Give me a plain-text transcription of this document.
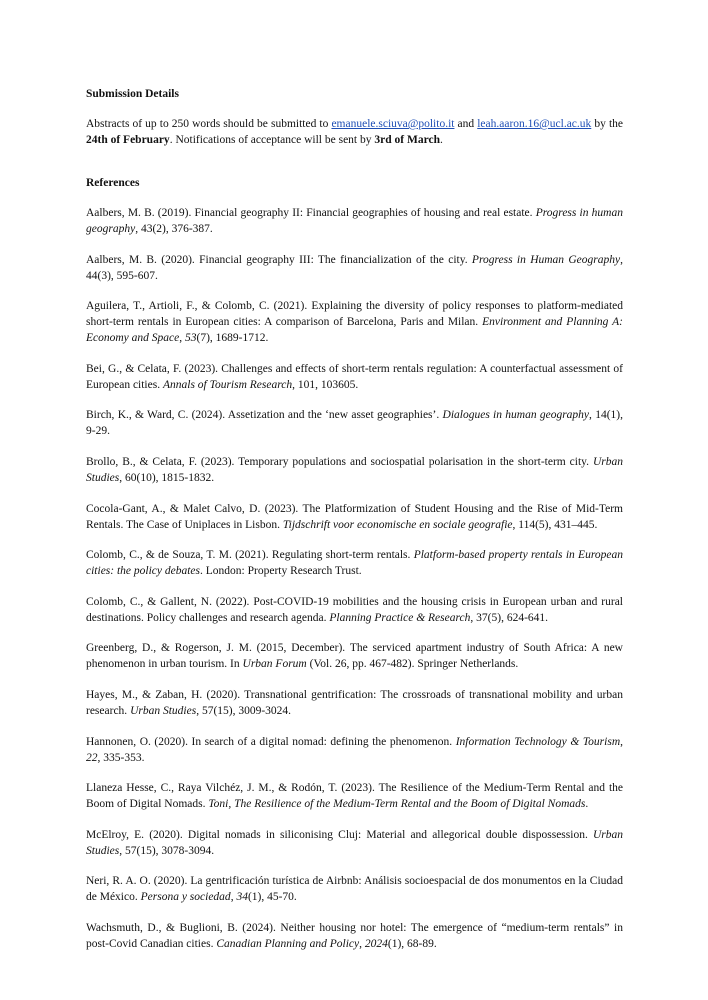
Submission Details

Abstracts of up to 250 words should be submitted to emanuele.sciuva@polito.it and leah.aaron.16@ucl.ac.uk by the 24th of February. Notifications of acceptance will be sent by 3rd of March.

References

Aalbers, M. B. (2019). Financial geography II: Financial geographies of housing and real estate. Progress in human geography, 43(2), 376-387.

Aalbers, M. B. (2020). Financial geography III: The financialization of the city. Progress in Human Geography, 44(3), 595-607.

Aguilera, T., Artioli, F., & Colomb, C. (2021). Explaining the diversity of policy responses to platform-mediated short-term rentals in European cities: A comparison of Barcelona, Paris and Milan. Environment and Planning A: Economy and Space, 53(7), 1689-1712.

Bei, G., & Celata, F. (2023). Challenges and effects of short-term rentals regulation: A counterfactual assessment of European cities. Annals of Tourism Research, 101, 103605.

Birch, K., & Ward, C. (2024). Assetization and the ‘new asset geographies’. Dialogues in human geography, 14(1), 9-29.

Brollo, B., & Celata, F. (2023). Temporary populations and sociospatial polarisation in the short-term city. Urban Studies, 60(10), 1815-1832.

Cocola-Gant, A., & Malet Calvo, D. (2023). The Platformization of Student Housing and the Rise of Mid-Term Rentals. The Case of Uniplaces in Lisbon. Tijdschrift voor economische en sociale geografie, 114(5), 431–445.

Colomb, C., & de Souza, T. M. (2021). Regulating short-term rentals. Platform-based property rentals in European cities: the policy debates. London: Property Research Trust.

Colomb, C., & Gallent, N. (2022). Post-COVID-19 mobilities and the housing crisis in European urban and rural destinations. Policy challenges and research agenda. Planning Practice & Research, 37(5), 624-641.

Greenberg, D., & Rogerson, J. M. (2015, December). The serviced apartment industry of South Africa: A new phenomenon in urban tourism. In Urban Forum (Vol. 26, pp. 467-482). Springer Netherlands.

Hayes, M., & Zaban, H. (2020). Transnational gentrification: The crossroads of transnational mobility and urban research. Urban Studies, 57(15), 3009-3024.

Hannonen, O. (2020). In search of a digital nomad: defining the phenomenon. Information Technology & Tourism, 22, 335-353.

Llaneza Hesse, C., Raya Vilchéz, J. M., & Rodón, T. (2023). The Resilience of the Medium-Term Rental and the Boom of Digital Nomads. Toni, The Resilience of the Medium-Term Rental and the Boom of Digital Nomads.

McElroy, E. (2020). Digital nomads in siliconising Cluj: Material and allegorical double dispossession. Urban Studies, 57(15), 3078-3094.

Neri, R. A. O. (2020). La gentrificación turística de Airbnb: Análisis socioespacial de dos monumentos en la Ciudad de México. Persona y sociedad, 34(1), 45-70.

Wachsmuth, D., & Buglioni, B. (2024). Neither housing nor hotel: The emergence of “medium-term rentals” in post-Covid Canadian cities. Canadian Planning and Policy, 2024(1), 68-89.
